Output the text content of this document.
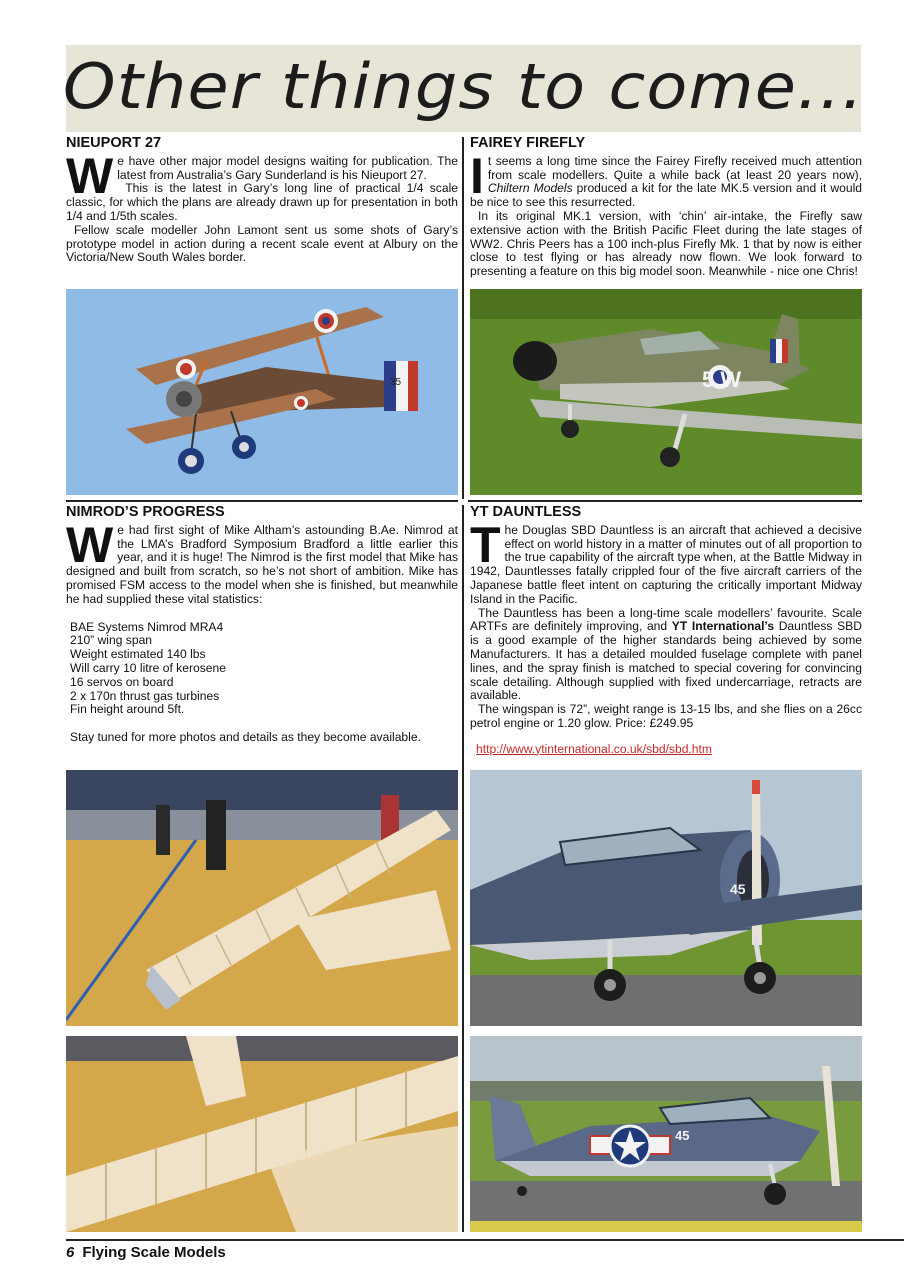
Other things to come...
NIEUPORT 27

We have other major model designs waiting for publication. The latest from Australia’s Gary Sunderland is his Nieuport 27.

This is the latest in Gary’s long line of practical 1/4 scale classic, for which the plans are already drawn up for presentation in both 1/4 and 1/5th scales.

Fellow scale modeller John Lamont sent us some shots of Gary’s prototype model in action during a recent scale event at Albury on the Victoria/New South Wales border.

FAIREY FIREFLY

It seems a long time since the Fairey Firefly received much attention from scale modellers. Quite a while back (at least 20 years now), Chiltern Models produced a kit for the late MK.5 version and it would be nice to see this resurrected.

In its original MK.1 version, with ‘chin’ air-intake, the Firefly saw extensive action with the British Pacific Fleet during the late stages of WW2. Chris Peers has a 100 inch-plus Firefly Mk. 1 that by now is either close to test flying or has already now flown. We look forward to presenting a feature on this big model soon. Meanwhile - nice one Chris!

35	5 W
NIMROD’S PROGRESS

We had first sight of Mike Altham’s astounding B.Ae. Nimrod at the LMA’s Bradford Symposium Bradford a little earlier this year, and it is huge! The Nimrod is the first model that Mike has designed and built from scratch, so he’s not short of ambition. Mike has promised FSM access to the model when she is finished, but meanwhile he had supplied these vital statistics:

BAE Systems Nimrod MRA4
210” wing span
Weight estimated 140 lbs
Will carry 10 litre of kerosene
16 servos on board
2 x 170n thrust gas turbines
Fin height around 5ft.
Stay tuned for more photos and details as they become available.
YT DAUNTLESS

The Douglas SBD Dauntless is an aircraft that achieved a decisive effect on world history in a matter of minutes out of all proportion to the true capability of the aircraft type when, at the Battle Midway in 1942, Dauntlesses fatally crippled four of the five aircraft carriers of the Japanese battle fleet intent on capturing the critically important Midway Island in the Pacific.

The Dauntless has been a long-time scale modellers’ favourite. Scale ARTFs are definitely improving, and YT International’s Dauntless SBD is a good example of the higher standards being achieved by some Manufacturers. It has a detailed moulded fuselage complete with panel lines, and the spray finish is matched to special covering for convincing scale detailing. Although supplied with fixed undercarriage, retracts are available.

The wingspan is 72”, weight range is 13-15 lbs, and she flies on a 26cc petrol engine or 1.20 glow. Price: £249.95

http://www.ytinternational.co.uk/sbd/sbd.htm
45
45
6 Flying Scale Models
